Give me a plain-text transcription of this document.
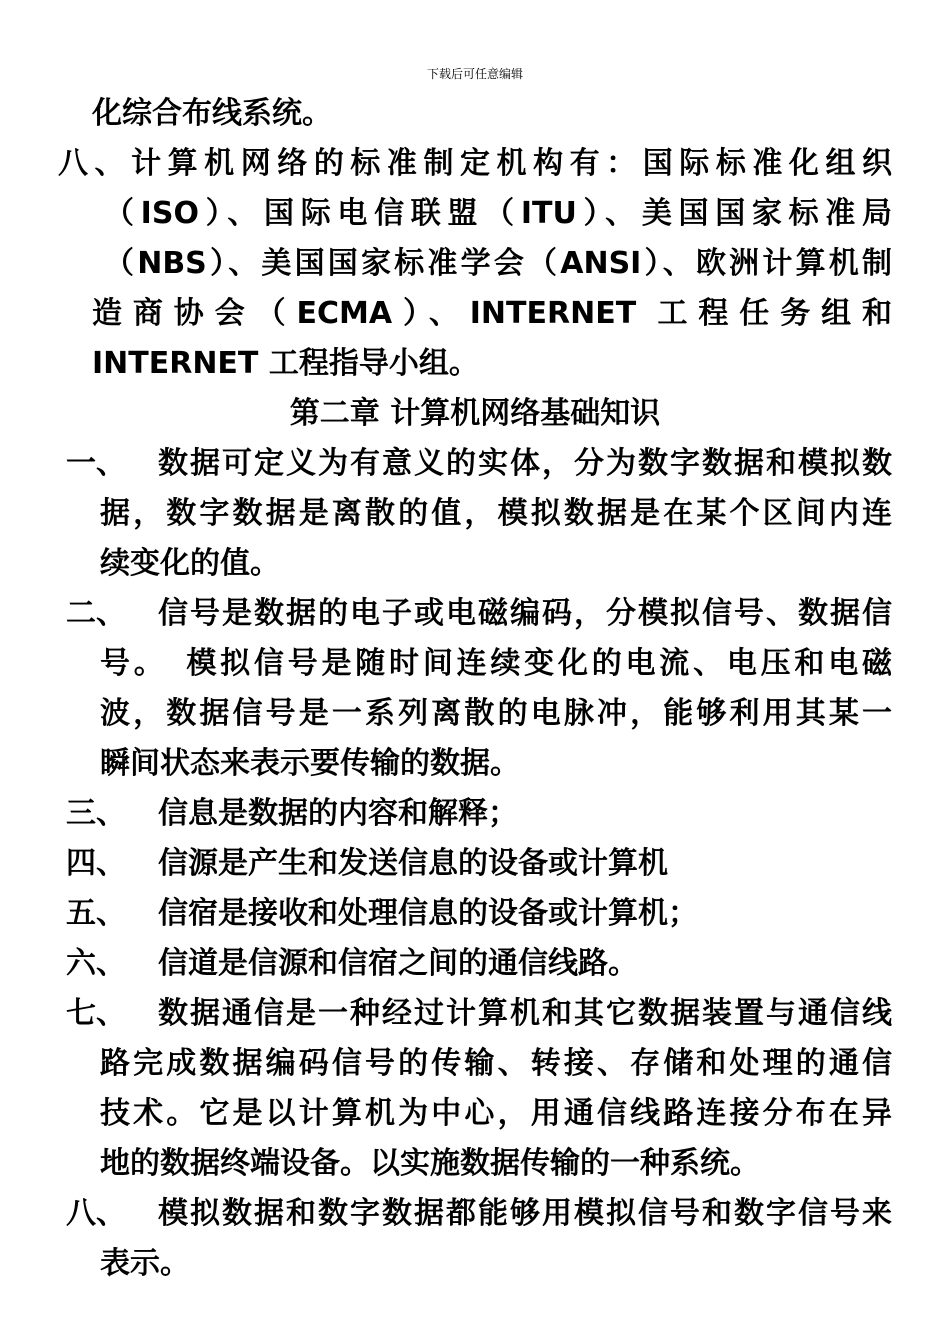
下载后可任意编辑
化综合布线系统。
八、计算机网络的标准制定机构有：国际标准化组织
（ISO）、国际电信联盟（ITU）、美国国家标准局
（NBS）、美国国家标准学会（ANSI）、欧洲计算机制
造商协会（ECMA）、INTERNET 工程任务组和
INTERNET 工程指导小组。
第二章 计算机网络基础知识
一、 数据可定义为有意义的实体，分为数字数据和模拟数
据，数字数据是离散的值，模拟数据是在某个区间内连
续变化的值。
二、 信号是数据的电子或电磁编码，分模拟信号、数据信
号。　模拟信号是随时间连续变化的电流、电压和电磁
波，数据信号是一系列离散的电脉冲，能够利用其某一
瞬间状态来表示要传输的数据。
三、 信息是数据的内容和解释；
四、 信源是产生和发送信息的设备或计算机
五、 信宿是接收和处理信息的设备或计算机；
六、 信道是信源和信宿之间的通信线路。
七、 数据通信是一种经过计算机和其它数据装置与通信线
路完成数据编码信号的传输、转接、存储和处理的通信
技术。它是以计算机为中心，用通信线路连接分布在异
地的数据终端设备。以实施数据传输的一种系统。
八、 模拟数据和数字数据都能够用模拟信号和数字信号来
表示。
